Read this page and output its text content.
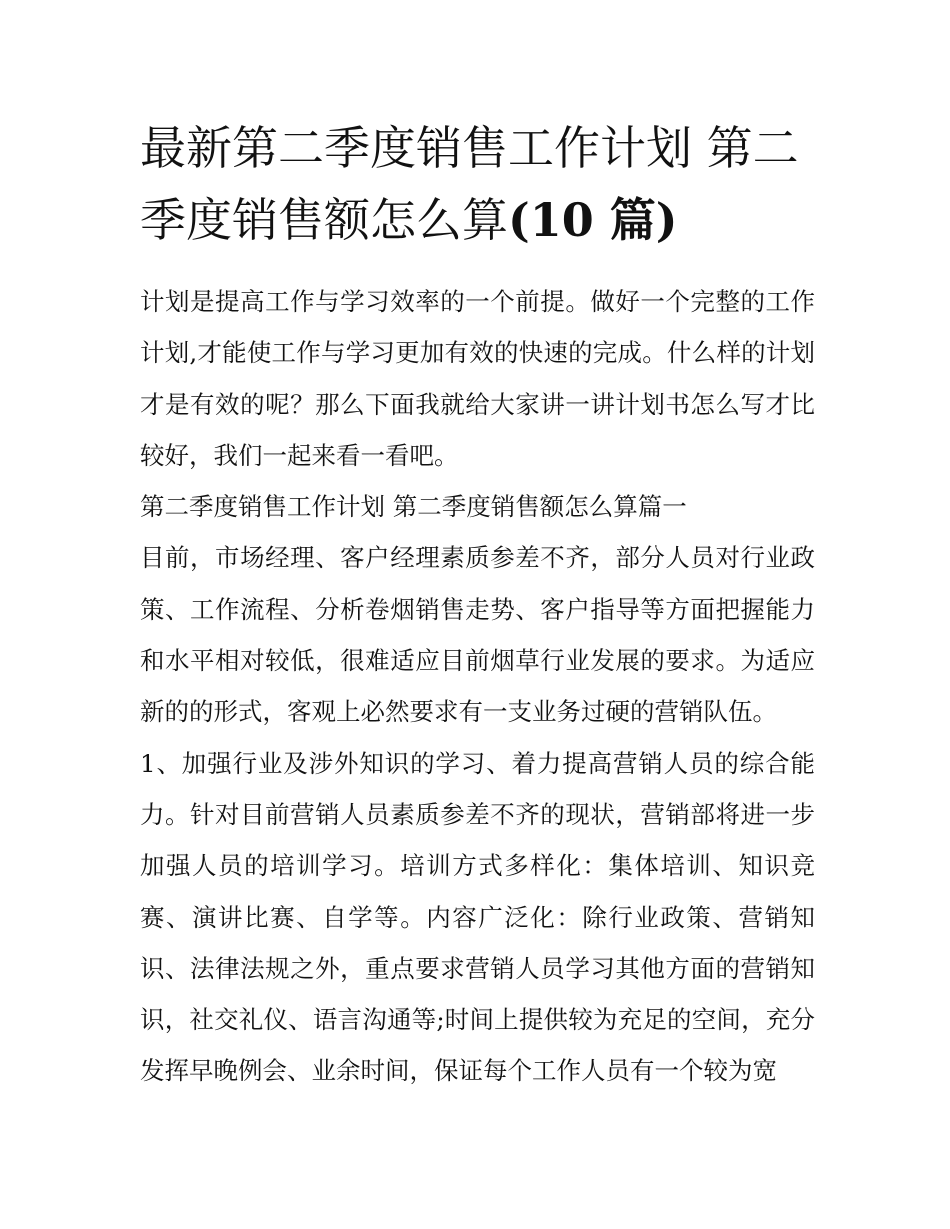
最新第二季度销售工作计划 第二季度销售额怎么算(10 篇)

计划是提高工作与学习效率的一个前提。做好一个完整的工作计划,才能使工作与学习更加有效的快速的完成。什么样的计划才是有效的呢？那么下面我就给大家讲一讲计划书怎么写才比较好，我们一起来看一看吧。

第二季度销售工作计划 第二季度销售额怎么算篇一

目前，市场经理、客户经理素质参差不齐，部分人员对行业政策、工作流程、分析卷烟销售走势、客户指导等方面把握能力和水平相对较低，很难适应目前烟草行业发展的要求。为适应新的的形式，客观上必然要求有一支业务过硬的营销队伍。

1、加强行业及涉外知识的学习、着力提高营销人员的综合能力。针对目前营销人员素质参差不齐的现状，营销部将进一步加强人员的培训学习。培训方式多样化：集体培训、知识竞赛、演讲比赛、自学等。内容广泛化：除行业政策、营销知识、法律法规之外，重点要求营销人员学习其他方面的营销知识，社交礼仪、语言沟通等;时间上提供较为充足的空间，充分发挥早晚例会、业余时间，保证每个工作人员有一个较为宽
